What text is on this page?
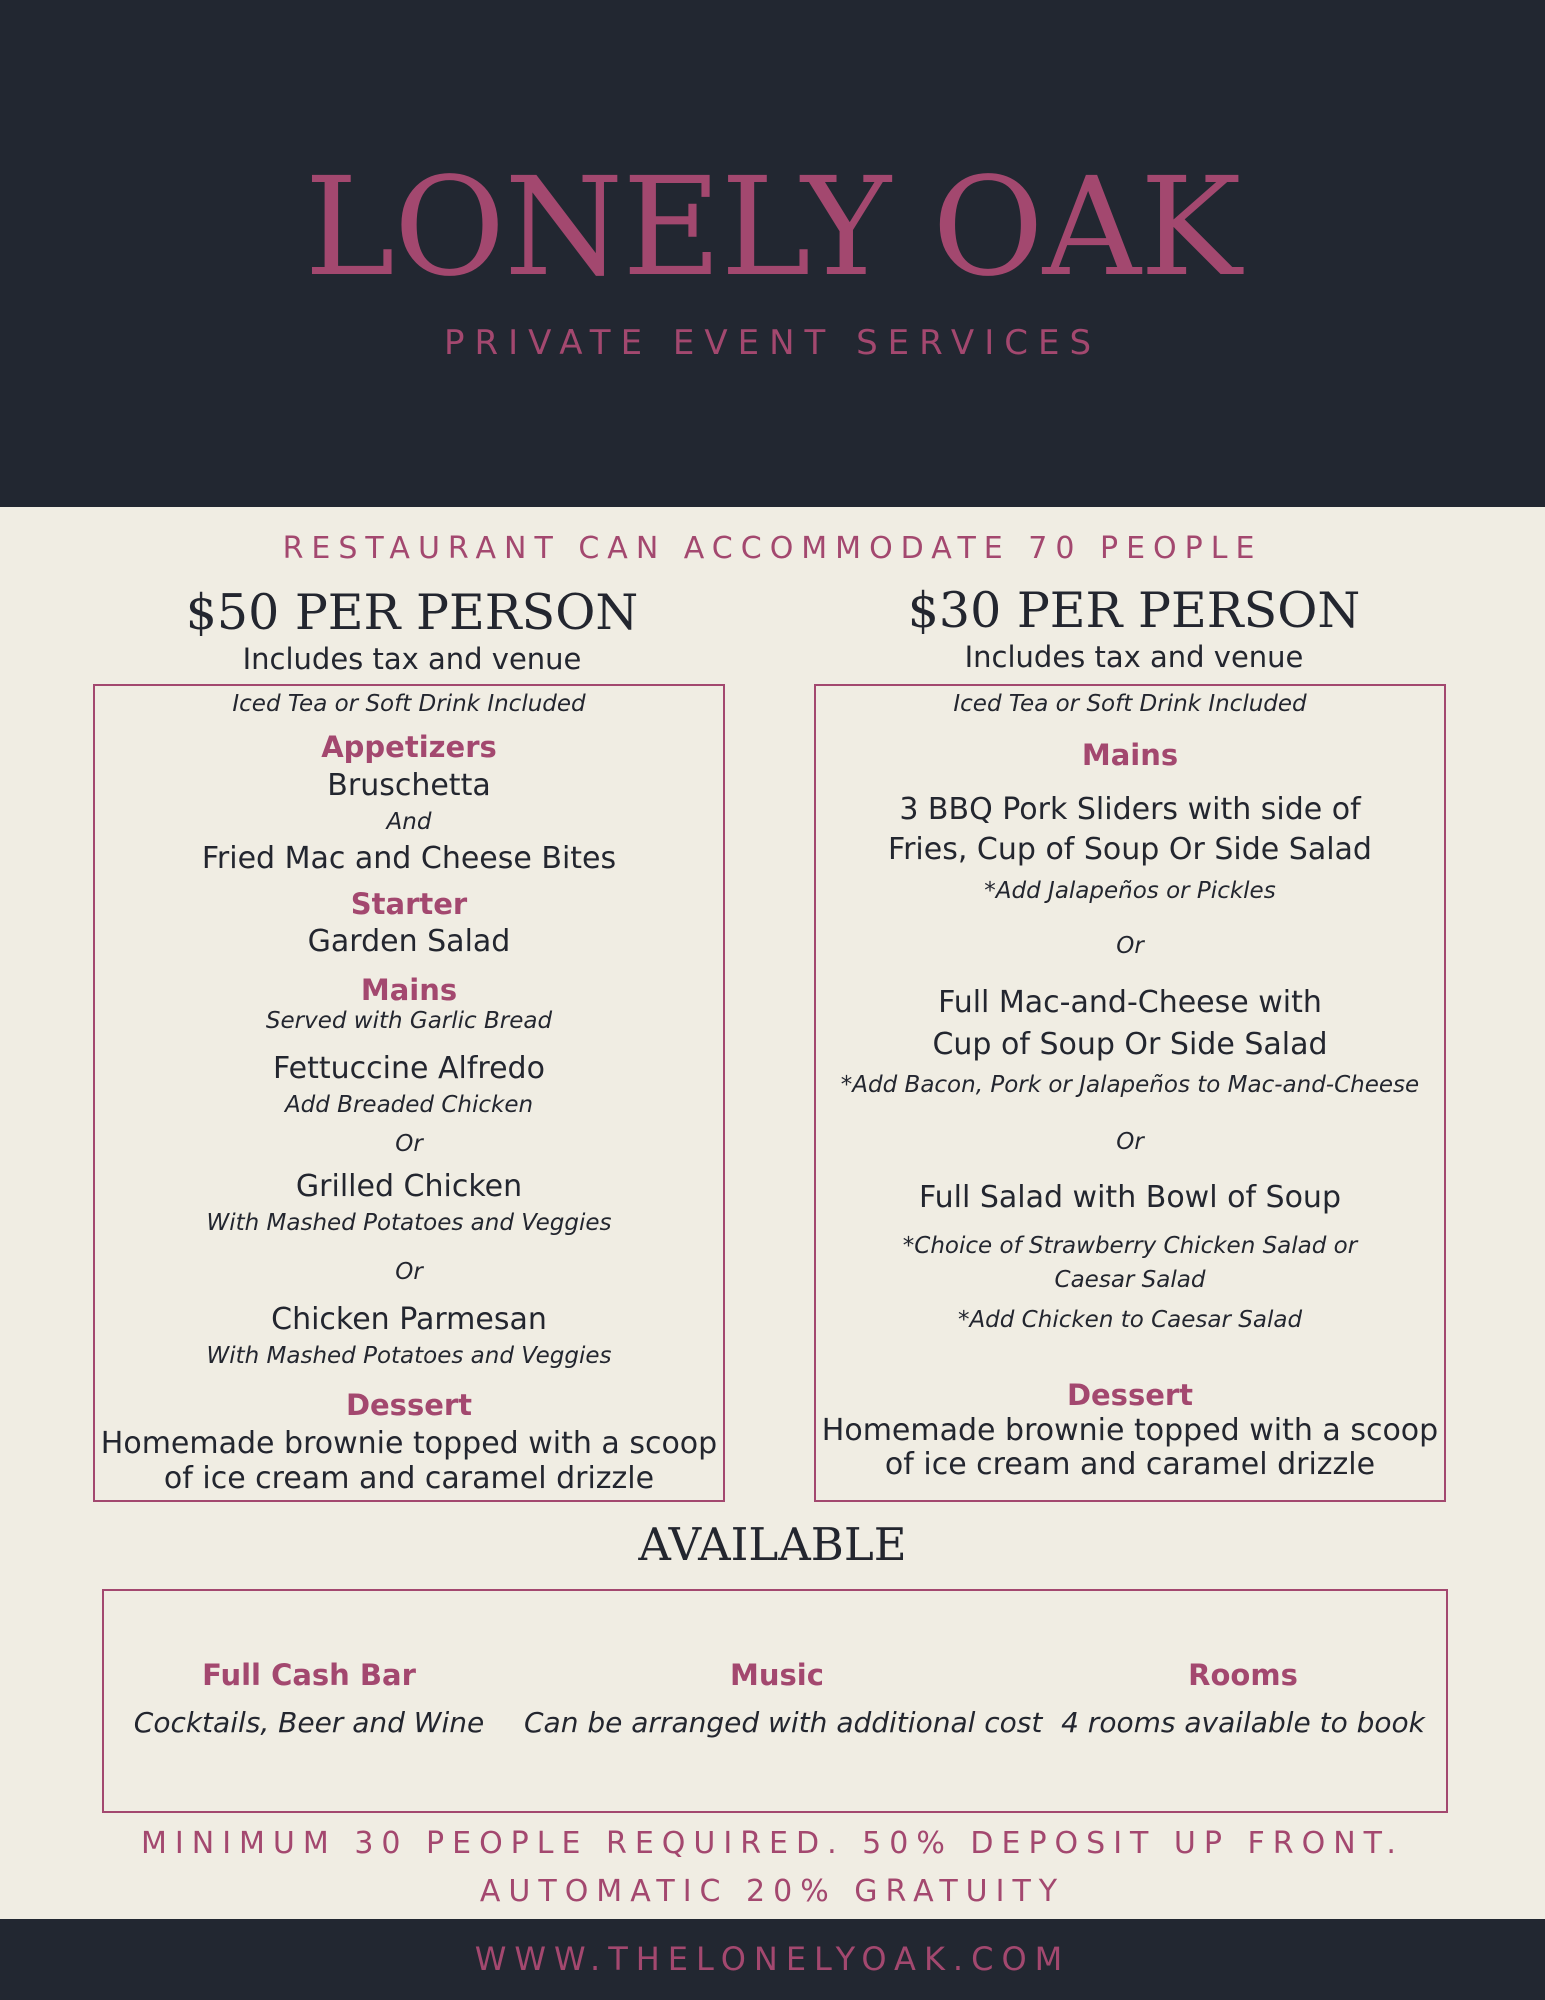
LONELY OAK
PRIVATE EVENT SERVICES
RESTAURANT CAN ACCOMMODATE 70 PEOPLE
$50 PER PERSON
Includes tax and venue
Iced Tea or Soft Drink Included
Appetizers
Bruschetta
And
Fried Mac and Cheese Bites
Starter
Garden Salad
Mains
Served with Garlic Bread
Fettuccine Alfredo
Add Breaded Chicken
Or
Grilled Chicken
With Mashed Potatoes and Veggies
Or
Chicken Parmesan
With Mashed Potatoes and Veggies
Dessert
Homemade brownie topped with a scoop
of ice cream and caramel drizzle
$30 PER PERSON
Includes tax and venue
Iced Tea or Soft Drink Included
Mains
3 BBQ Pork Sliders with side of
Fries, Cup of Soup Or Side Salad
*Add Jalapeños or Pickles
Or
Full Mac-and-Cheese with
Cup of Soup Or Side Salad
*Add Bacon, Pork or Jalapeños to Mac-and-Cheese
Or
Full Salad with Bowl of Soup
*Choice of Strawberry Chicken Salad or
Caesar Salad
*Add Chicken to Caesar Salad
Dessert
Homemade brownie topped with a scoop
of ice cream and caramel drizzle
AVAILABLE
Full Cash Bar
Cocktails, Beer and Wine
Music
Can be arranged with additional cost
Rooms
4 rooms available to book
MINIMUM 30 PEOPLE REQUIRED. 50% DEPOSIT UP FRONT.
AUTOMATIC 20% GRATUITY
WWW.THELONELYOAK.COM
